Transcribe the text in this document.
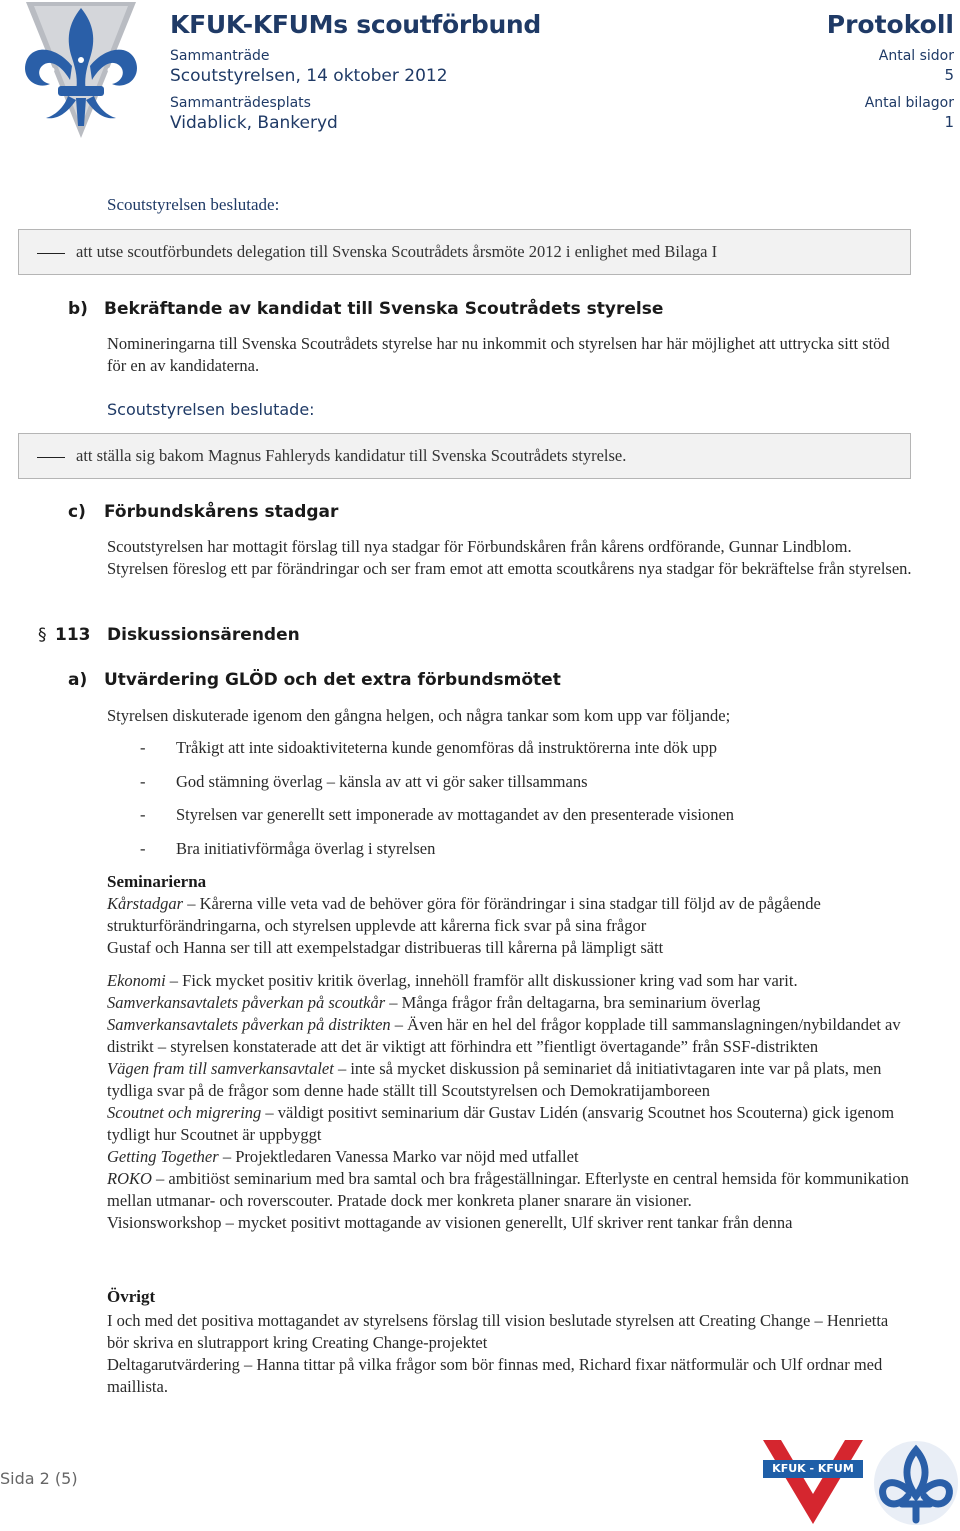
KFUK-KFUMs scoutförbund	Protokoll
Sammanträde
Scoutstyrelsen, 14 oktober 2012
Sammanträdesplats
Vidablick, Bankeryd
Antal sidor
5
Antal bilagor
1
Scoutstyrelsen beslutade:
att utse scoutförbundets delegation till Svenska Scoutrådets årsmöte 2012 i enlighet med Bilaga I
b) Bekräftande av kandidat till Svenska Scoutrådets styrelse
Nomineringarna till Svenska Scoutrådets styrelse har nu inkommit och styrelsen har här möjlighet att uttrycka sitt stöd för en av kandidaterna.
Scoutstyrelsen beslutade:
att ställa sig bakom Magnus Fahleryds kandidatur till Svenska Scoutrådets styrelse.
c) Förbundskårens stadgar
Scoutstyrelsen har mottagit förslag till nya stadgar för Förbundskåren från kårens ordförande, Gunnar Lindblom. Styrelsen föreslog ett par förändringar och ser fram emot att emotta scoutkårens nya stadgar för bekräftelse från styrelsen.
§ 113 Diskussionsärenden
a) Utvärdering GLÖD och det extra förbundsmötet
Styrelsen diskuterade igenom den gångna helgen, och några tankar som kom upp var följande;
- Tråkigt att inte sidoaktiviteterna kunde genomföras då instruktörerna inte dök upp
- God stämning överlag – känsla av att vi gör saker tillsammans
- Styrelsen var generellt sett imponerade av mottagandet av den presenterade visionen
- Bra initiativförmåga överlag i styrelsen
Seminarierna
Kårstadgar – Kårerna ville veta vad de behöver göra för förändringar i sina stadgar till följd av de pågående strukturförändringarna, och styrelsen upplevde att kårerna fick svar på sina frågor
Gustaf och Hanna ser till att exempelstadgar distribueras till kårerna på lämpligt sätt
Ekonomi – Fick mycket positiv kritik överlag, innehöll framför allt diskussioner kring vad som har varit.
Samverkansavtalets påverkan på scoutkår – Många frågor från deltagarna, bra seminarium överlag
Samverkansavtalets påverkan på distrikten – Även här en hel del frågor kopplade till sammanslagningen/nybildandet av distrikt – styrelsen konstaterade att det är viktigt att förhindra ett ”fientligt övertagande” från SSF-distrikten
Vägen fram till samverkansavtalet – inte så mycket diskussion på seminariet då initiativtagaren inte var på plats, men tydliga svar på de frågor som denne hade ställt till Scoutstyrelsen och Demokratijamboreen
Scoutnet och migrering – väldigt positivt seminarium där Gustav Lidén (ansvarig Scoutnet hos Scouterna) gick igenom tydligt hur Scoutnet är uppbyggt
Getting Together – Projektledaren Vanessa Marko var nöjd med utfallet
ROKO – ambitiöst seminarium med bra samtal och bra frågeställningar. Efterlyste en central hemsida för kommunikation mellan utmanar- och roverscouter. Pratade dock mer konkreta planer snarare än visioner.
Visionsworkshop – mycket positivt mottagande av visionen generellt, Ulf skriver rent tankar från denna
Övrigt
I och med det positiva mottagandet av styrelsens förslag till vision beslutade styrelsen att Creating Change – Henrietta bör skriva en slutrapport kring Creating Change-projektet
Deltagarutvärdering – Hanna tittar på vilka frågor som bör finnas med, Richard fixar nätformulär och Ulf ordnar med maillista.
Sida 2 (5)
KFUK - KFUM
